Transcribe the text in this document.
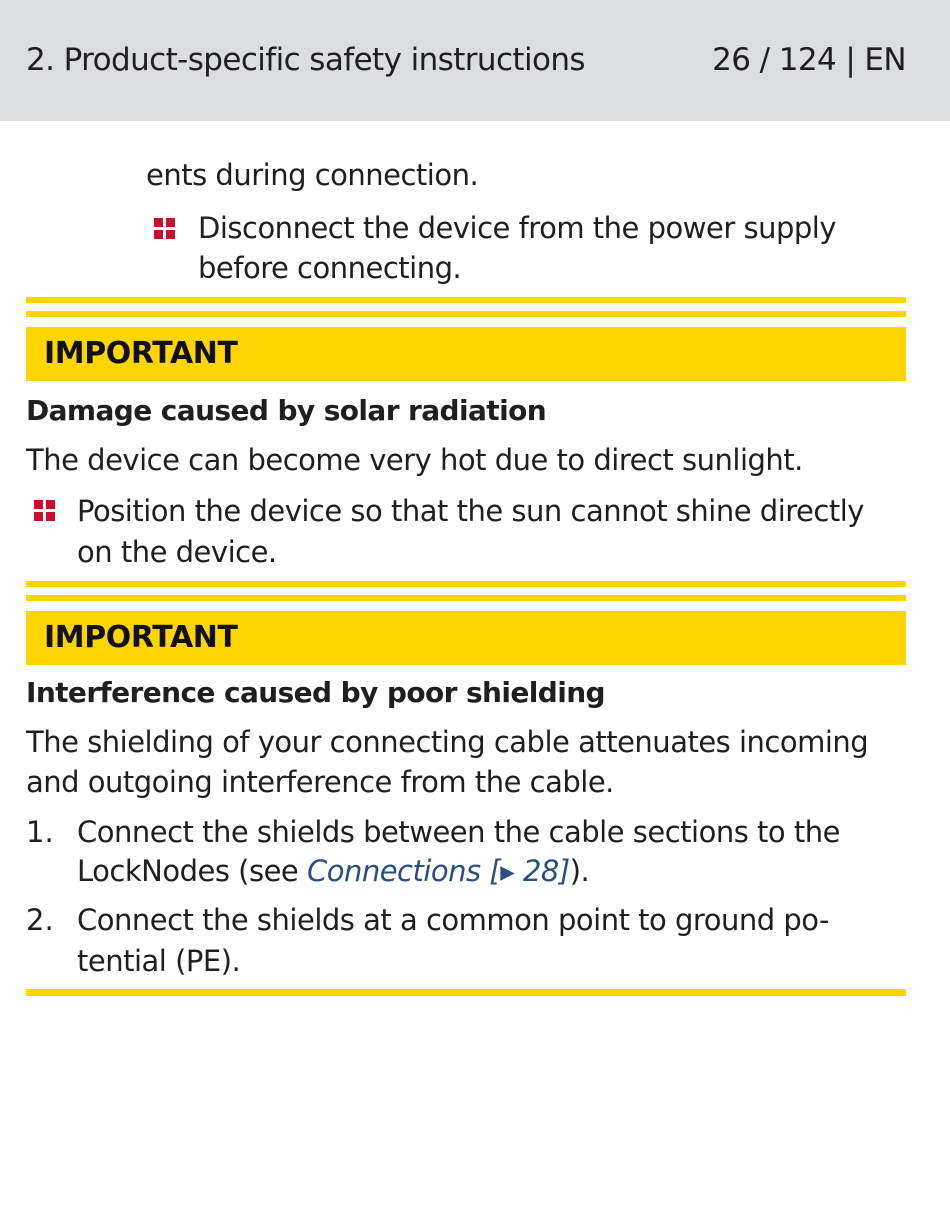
2. Product-specific safety instructions	26 / 124 | EN
ents during connection.
Disconnect the device from the power supply
before connecting.
IMPORTANT
Damage caused by solar radiation
The device can become very hot due to direct sunlight.
Position the device so that the sun cannot shine directly
on the device.
IMPORTANT
Interference caused by poor shielding
The shielding of your connecting cable attenuates incoming
and outgoing interference from the cable.
1. Connect the shields between the cable sections to the
LockNodes (see Connections [▸ 28]).
2. Connect the shields at a common point to ground po-
tential (PE).
